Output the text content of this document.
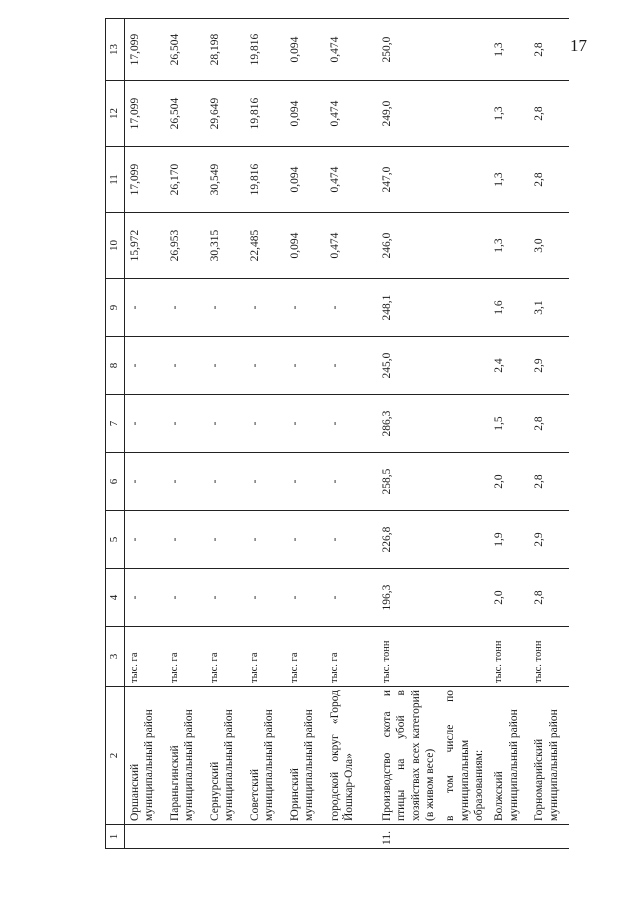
17
1	2	3	4	5	6	7	8	9	10	11	12	13
	Оршанский муниципальный район	тыс. га	-	-	-	-	-	-	15,972	17,099	17,099	17,099
	Параньгинский муниципальный район	тыс. га	-	-	-	-	-	-	26,953	26,170	26,504	26,504
	Сернурский муниципальный район	тыс. га	-	-	-	-	-	-	30,315	30,549	29,649	28,198
	Советский муниципальный район	тыс. га	-	-	-	-	-	-	22,485	19,816	19,816	19,816
	Юринский муниципальный район	тыс. га	-	-	-	-	-	-	0,094	0,094	0,094	0,094
	городской округ «Город Йошкар-Ола»	тыс. га	-	-	-	-	-	-	0,474	0,474	0,474	0,474
11.	Производство скота и птицы на убой в хозяйствах всех категорий (в живом весе)	тыс. тонн	196,3	226,8	258,5	286,3	245,0	248,1	246,0	247,0	249,0	250,0
	в том числе по муниципальным образованиям:											
	Волжский муниципальный район	тыс. тонн	2,0	1,9	2,0	1,5	2,4	1,6	1,3	1,3	1,3	1,3
	Горномарийский муниципальный район	тыс. тонн	2,8	2,9	2,8	2,8	2,9	3,1	3,0	2,8	2,8	2,8
